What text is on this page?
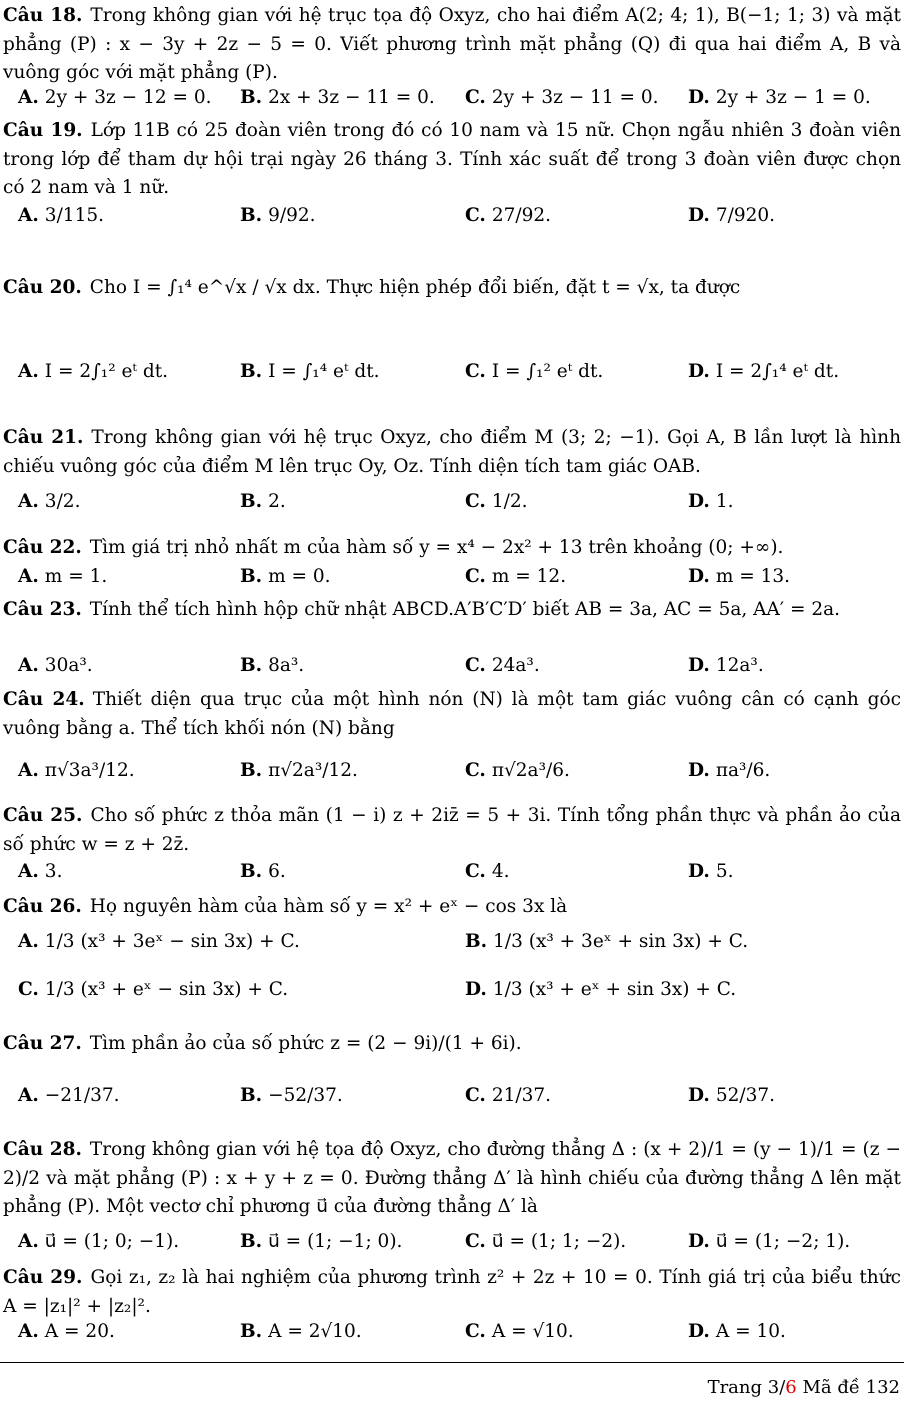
Câu 18. Trong không gian với hệ trục tọa độ Oxyz, cho hai điểm A(2; 4; 1), B(−1; 1; 3) và mặt phẳng (P) : x − 3y + 2z − 5 = 0. Viết phương trình mặt phẳng (Q) đi qua hai điểm A, B và vuông góc với mặt phẳng (P).
A. 2y + 3z − 12 = 0. B. 2x + 3z − 11 = 0. C. 2y + 3z − 11 = 0. D. 2y + 3z − 1 = 0.
Câu 19. Lớp 11B có 25 đoàn viên trong đó có 10 nam và 15 nữ. Chọn ngẫu nhiên 3 đoàn viên trong lớp để tham dự hội trại ngày 26 tháng 3. Tính xác suất để trong 3 đoàn viên được chọn có 2 nam và 1 nữ.
A. 3/115.	B. 9/92.	C. 27/92.	D. 7/920.
Câu 20. Cho I = ∫₁⁴ e^√x / √x dx. Thực hiện phép đổi biến, đặt t = √x, ta được
A. I = 2∫₁² eᵗ dt.	B. I = ∫₁⁴ eᵗ dt.	C. I = ∫₁² eᵗ dt.	D. I = 2∫₁⁴ eᵗ dt.
Câu 21. Trong không gian với hệ trục Oxyz, cho điểm M (3; 2; −1). Gọi A, B lần lượt là hình chiếu vuông góc của điểm M lên trục Oy, Oz. Tính diện tích tam giác OAB.
A. 3/2.	B. 2.	C. 1/2.	D. 1.
Câu 22. Tìm giá trị nhỏ nhất m của hàm số y = x⁴ − 2x² + 13 trên khoảng (0; +∞).
A. m = 1.	B. m = 0.	C. m = 12.	D. m = 13.
Câu 23. Tính thể tích hình hộp chữ nhật ABCD.A′B′C′D′ biết AB = 3a, AC = 5a, AA′ = 2a.
A. 30a³.	B. 8a³.	C. 24a³.	D. 12a³.
Câu 24. Thiết diện qua trục của một hình nón (N) là một tam giác vuông cân có cạnh góc vuông bằng a. Thể tích khối nón (N) bằng
A. π√3a³/12.	B. π√2a³/12.	C. π√2a³/6.	D. πa³/6.
Câu 25. Cho số phức z thỏa mãn (1 − i) z + 2iz̄ = 5 + 3i. Tính tổng phần thực và phần ảo của số phức w = z + 2z̄.
A. 3.	B. 6.	C. 4.	D. 5.
Câu 26. Họ nguyên hàm của hàm số y = x² + eˣ − cos 3x là
A. 1/3 (x³ + 3eˣ − sin 3x) + C.	B. 1/3 (x³ + 3eˣ + sin 3x) + C.
C. 1/3 (x³ + eˣ − sin 3x) + C.	D. 1/3 (x³ + eˣ + sin 3x) + C.
Câu 27. Tìm phần ảo của số phức z = (2 − 9i)/(1 + 6i).
A. −21/37.	B. −52/37.	C. 21/37.	D. 52/37.
Câu 28. Trong không gian với hệ tọa độ Oxyz, cho đường thẳng Δ : (x + 2)/1 = (y − 1)/1 = (z − 2)/2 và mặt phẳng (P) : x + y + z = 0. Đường thẳng Δ′ là hình chiếu của đường thẳng Δ lên mặt phẳng (P). Một vectơ chỉ phương u⃗ của đường thẳng Δ′ là
A. u⃗ = (1; 0; −1).	B. u⃗ = (1; −1; 0).	C. u⃗ = (1; 1; −2).	D. u⃗ = (1; −2; 1).
Câu 29. Gọi z₁, z₂ là hai nghiệm của phương trình z² + 2z + 10 = 0. Tính giá trị của biểu thức A = |z₁|² + |z₂|².
A. A = 20.	B. A = 2√10.	C. A = √10.	D. A = 10.
Trang 3/6 Mã đề 132
